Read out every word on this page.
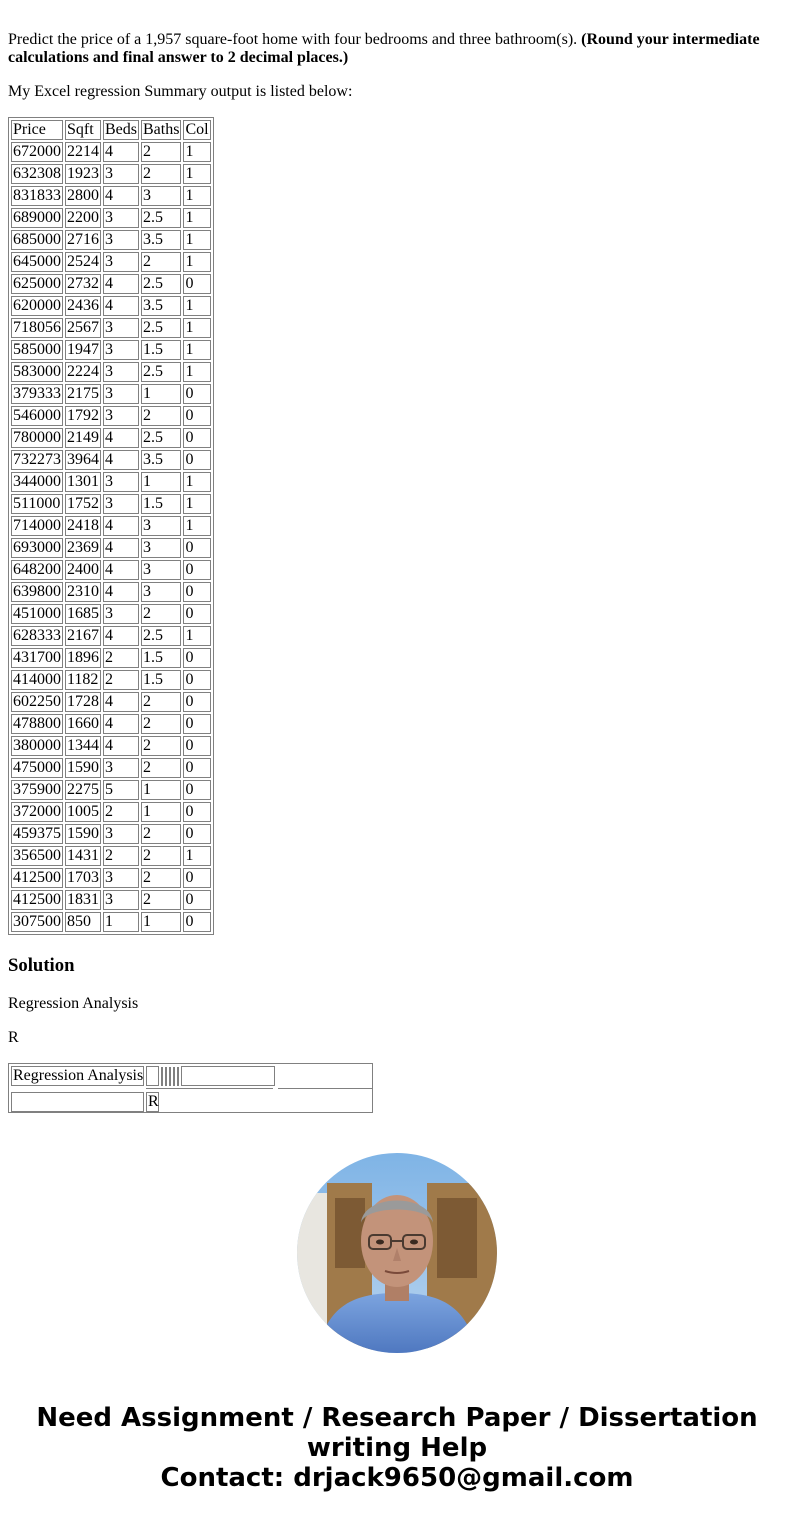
Predict the price of a 1,957 square-foot home with four bedrooms and three bathroom(s). (Round your intermediate calculations and final answer to 2 decimal places.)

My Excel regression Summary output is listed below:

Price	Sqft	Beds	Baths	Col
672000	2214	4	2	1
632308	1923	3	2	1
831833	2800	4	3	1
689000	2200	3	2.5	1
685000	2716	3	3.5	1
645000	2524	3	2	1
625000	2732	4	2.5	0
620000	2436	4	3.5	1
718056	2567	3	2.5	1
585000	1947	3	1.5	1
583000	2224	3	2.5	1
379333	2175	3	1	0
546000	1792	3	2	0
780000	2149	4	2.5	0
732273	3964	4	3.5	0
344000	1301	3	1	1
511000	1752	3	1.5	1
714000	2418	4	3	1
693000	2369	4	3	0
648200	2400	4	3	0
639800	2310	4	3	0
451000	1685	3	2	0
628333	2167	4	2.5	1
431700	1896	2	1.5	0
414000	1182	2	1.5	0
602250	1728	4	2	0
478800	1660	4	2	0
380000	1344	4	2	0
475000	1590	3	2	0
375900	2275	5	1	0
372000	1005	2	1	0
459375	1590	3	2	0
356500	1431	2	2	1
412500	1703	3	2	0
412500	1831	3	2	0
307500	850	1	1	0
Solution

Regression Analysis

R

Regression Analysis
R
Need Assignment / Research Paper / Dissertation
writing Help
Contact: drjack9650@gmail.com
